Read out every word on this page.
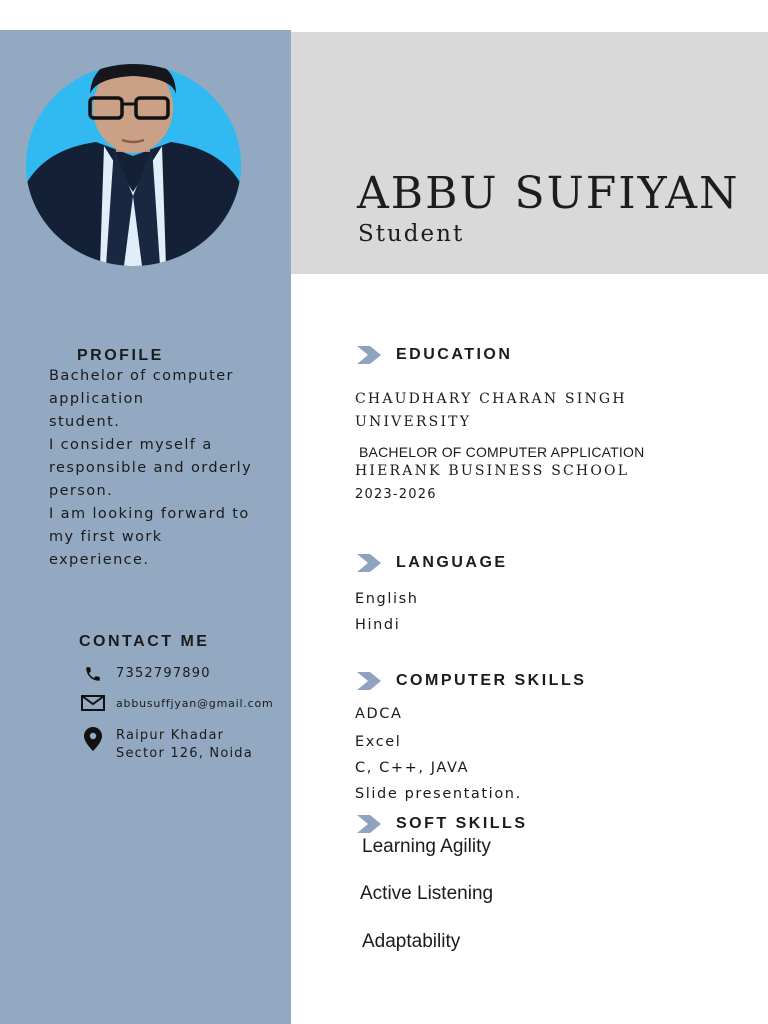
ABBU SUFIYAN
Student
PROFILE
Bachelor of computer
application
student.
I consider myself a
responsible and orderly
person.
I am looking forward to
my first work
experience.
CONTACT ME
7352797890
abbusuffjyan@gmail.com
Raipur Khadar
Sector 126, Noida
EDUCATION
CHAUDHARY CHARAN SINGH
UNIVERSITY
BACHELOR OF COMPUTER APPLICATION
HIERANK BUSINESS SCHOOL
2023-2026
LANGUAGE
English
Hindi
COMPUTER SKILLS
ADCA
Excel
C, C++, JAVA
Slide presentation.
SOFT SKILLS
Learning Agility
Active Listening
Adaptability
